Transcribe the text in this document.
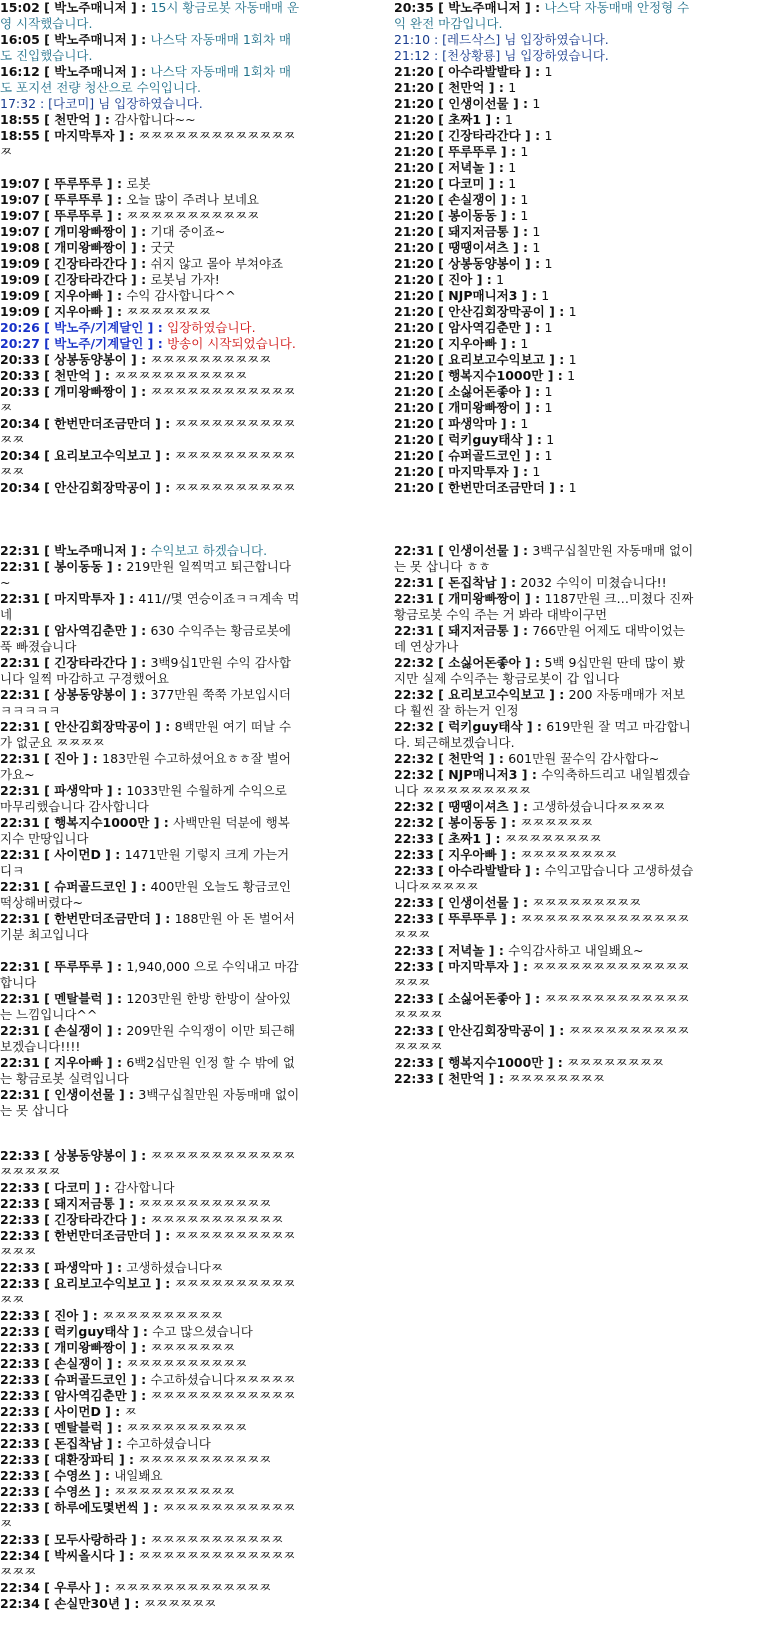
15:02 [ 박노주매니저 ] : 15시 황금로봇 자동매매 운영 시작했습니다.
16:05 [ 박노주매니저 ] : 나스닥 자동매매 1회차 매도 진입했습니다.
16:12 [ 박노주매니저 ] : 나스닥 자동매매 1회차 매도 포지션 전량 청산으로 수익입니다.
17:32 : [다코미] 님 입장하였습니다.
18:55 [ 천만억 ] : 감사합니다~~
18:55 [ 마지막투자 ] : ㅉㅉㅉㅉㅉㅉㅉㅉㅉㅉㅉㅉㅉㅉ
19:07 [ 뚜루뚜루 ] : 로봇
19:07 [ 뚜루뚜루 ] : 오늘 많이 주려나 보네요
19:07 [ 뚜루뚜루 ] : ㅉㅉㅉㅉㅉㅉㅉㅉㅉㅉㅉ
19:07 [ 개미왕빠짱이 ] : 기대 중이죠~
19:08 [ 개미왕빠짱이 ] : 굿굿
19:09 [ 긴장타라간다 ] : 쉬지 않고 몰아 부쳐야죠
19:09 [ 긴장타라간다 ] : 로봇님 가자!
19:09 [ 지우아빠 ] : 수익 감사합니다^^
19:09 [ 지우아빠 ] : ㅉㅉㅉㅉㅉㅉㅉ
20:26 [ 박노주/기계달인 ] : 입장하였습니다.
20:27 [ 박노주/기계달인 ] : 방송이 시작되었습니다.
20:33 [ 상봉동양봉이 ] : ㅉㅉㅉㅉㅉㅉㅉㅉㅉㅉ
20:33 [ 천만억 ] : ㅉㅉㅉㅉㅉㅉㅉㅉㅉㅉㅉ
20:33 [ 개미왕빠짱이 ] : ㅉㅉㅉㅉㅉㅉㅉㅉㅉㅉㅉㅉㅉ
20:34 [ 한번만더조금만더 ] : ㅉㅉㅉㅉㅉㅉㅉㅉㅉㅉㅉㅉ
20:34 [ 요리보고수익보고 ] : ㅉㅉㅉㅉㅉㅉㅉㅉㅉㅉㅉㅉ
20:34 [ 안산김회장막공이 ] : ㅉㅉㅉㅉㅉㅉㅉㅉㅉㅉ
20:35 [ 박노주매니저 ] : 나스닥 자동매매 안정형 수익 완전 마감입니다.
21:10 : [레드삭스] 님 입장하였습니다.
21:12 : [천상황룡] 님 입장하였습니다.
21:20 [ 아수라발발타 ] : 1
21:20 [ 천만억 ] : 1
21:20 [ 인생이선물 ] : 1
21:20 [ 초짜1 ] : 1
21:20 [ 긴장타라간다 ] : 1
21:20 [ 뚜루뚜루 ] : 1
21:20 [ 저녁놀 ] : 1
21:20 [ 다코미 ] : 1
21:20 [ 손실쟁이 ] : 1
21:20 [ 봉이동동 ] : 1
21:20 [ 돼지저금통 ] : 1
21:20 [ 땡땡이셔츠 ] : 1
21:20 [ 상봉동양봉이 ] : 1
21:20 [ 진아 ] : 1
21:20 [ NJP매니저3 ] : 1
21:20 [ 안산김회장막공이 ] : 1
21:20 [ 암사역김춘만 ] : 1
21:20 [ 지우아빠 ] : 1
21:20 [ 요리보고수익보고 ] : 1
21:20 [ 행복지수1000만 ] : 1
21:20 [ 소싫어돈좋아 ] : 1
21:20 [ 개미왕빠짱이 ] : 1
21:20 [ 파생악마 ] : 1
21:20 [ 럭키guy태삭 ] : 1
21:20 [ 슈퍼골드코인 ] : 1
21:20 [ 마지막투자 ] : 1
21:20 [ 한번만더조금만더 ] : 1
22:31 [ 박노주매니저 ] : 수익보고 하겠습니다.
22:31 [ 봉이동동 ] : 219만원 일찍먹고 퇴근합니다~
22:31 [ 마지막투자 ] : 411//몇 연승이죠ㅋㅋ계속 먹네
22:31 [ 암사역김춘만 ] : 630 수익주는 황금로봇에 푹 빠졌습니다
22:31 [ 긴장타라간다 ] : 3백9십1만원 수익 감사합니다 일찍 마감하고 구경했어요
22:31 [ 상봉동양봉이 ] : 377만원 쭉쭉 가보입시더 ㅋㅋㅋㅋㅋ
22:31 [ 안산김회장막공이 ] : 8백만원 여기 떠날 수가 없군요 ㅉㅉㅉㅉ
22:31 [ 진아 ] : 183만원 수고하셨어요ㅎㅎ잘 벌어가요~
22:31 [ 파생악마 ] : 1033만원 수월하게 수익으로 마무리했습니다 감사합니다
22:31 [ 행복지수1000만 ] : 사백만원 덕분에 행복지수 만땅입니다
22:31 [ 사이먼D ] : 1471만원 기렇지 크게 가는거디ㅋ
22:31 [ 슈퍼골드코인 ] : 400만원 오늘도 황금코인 떡상해버렸다~
22:31 [ 한번만더조금만더 ] : 188만원 아 돈 벌어서 기분 최고입니다
22:31 [ 뚜루뚜루 ] : 1,940,000 으로 수익내고 마감합니다
22:31 [ 멘탈블럭 ] : 1203만원 한방 한방이 살아있는 느낌입니다^^
22:31 [ 손실쟁이 ] : 209만원 수익쟁이 이만 퇴근해보겠습니다!!!!
22:31 [ 지우아빠 ] : 6백2십만원 인정 할 수 밖에 없는 황금로봇 실력입니다
22:31 [ 인생이선물 ] : 3백구십칠만원 자동매매 없이는 못 삽니다
22:31 [ 인생이선물 ] : 3백구십칠만원 자동매매 없이는 못 삽니다 ㅎㅎ
22:31 [ 돈집착남 ] : 2032 수익이 미쳤습니다!!
22:31 [ 개미왕빠짱이 ] : 1187만원 크…미쳤다 진짜 황금로봇 수익 주는 거 봐라 대박이구먼
22:31 [ 돼지저금통 ] : 766만원 어제도 대박이었는데 연상가나
22:32 [ 소싫어돈좋아 ] : 5백 9십만원 딴데 많이 봤지만 실제 수익주는 황금로봇이 갑 입니다
22:32 [ 요리보고수익보고 ] : 200 자동매매가 저보다 훨씬 잘 하는거 인정
22:32 [ 럭키guy태삭 ] : 619만원 잘 먹고 마감합니다. 퇴근해보겠습니다.
22:32 [ 천만억 ] : 601만원 꿀수익 감사합다~
22:32 [ NJP매니저3 ] : 수익축하드리고 내일뵙겠습니다 ㅉㅉㅉㅉㅉㅉㅉㅉㅉ
22:32 [ 땡땡이셔츠 ] : 고생하셨습니다ㅉㅉㅉㅉ
22:32 [ 봉이동동 ] : ㅉㅉㅉㅉㅉㅉ
22:33 [ 초짜1 ] : ㅉㅉㅉㅉㅉㅉㅉㅉ
22:33 [ 지우아빠 ] : ㅉㅉㅉㅉㅉㅉㅉㅉ
22:33 [ 아수라발발타 ] : 수익고맙습니다 고생하셨습니다ㅉㅉㅉㅉㅉ
22:33 [ 인생이선물 ] : ㅉㅉㅉㅉㅉㅉㅉㅉㅉ
22:33 [ 뚜루뚜루 ] : ㅉㅉㅉㅉㅉㅉㅉㅉㅉㅉㅉㅉㅉㅉㅉㅉㅉ
22:33 [ 저녁놀 ] : 수익감사하고 내일봬요~
22:33 [ 마지막투자 ] : ㅉㅉㅉㅉㅉㅉㅉㅉㅉㅉㅉㅉㅉㅉㅉㅉ
22:33 [ 소싫어돈좋아 ] : ㅉㅉㅉㅉㅉㅉㅉㅉㅉㅉㅉㅉㅉㅉㅉㅉ
22:33 [ 안산김회장막공이 ] : ㅉㅉㅉㅉㅉㅉㅉㅉㅉㅉㅉㅉㅉㅉ
22:33 [ 행복지수1000만 ] : ㅉㅉㅉㅉㅉㅉㅉㅉ
22:33 [ 천만억 ] : ㅉㅉㅉㅉㅉㅉㅉㅉ
22:33 [ 상봉동양봉이 ] : ㅉㅉㅉㅉㅉㅉㅉㅉㅉㅉㅉㅉㅉㅉㅉㅉㅉ
22:33 [ 다코미 ] : 감사합니다
22:33 [ 돼지저금통 ] : ㅉㅉㅉㅉㅉㅉㅉㅉㅉㅉㅉ
22:33 [ 긴장타라간다 ] : ㅉㅉㅉㅉㅉㅉㅉㅉㅉㅉㅉ
22:33 [ 한번만더조금만더 ] : ㅉㅉㅉㅉㅉㅉㅉㅉㅉㅉㅉㅉㅉ
22:33 [ 파생악마 ] : 고생하셨습니다ㅉ
22:33 [ 요리보고수익보고 ] : ㅉㅉㅉㅉㅉㅉㅉㅉㅉㅉㅉㅉ
22:33 [ 진아 ] : ㅉㅉㅉㅉㅉㅉㅉㅉㅉㅉ
22:33 [ 럭키guy태삭 ] : 수고 많으셨습니다
22:33 [ 개미왕빠짱이 ] : ㅉㅉㅉㅉㅉㅉㅉ
22:33 [ 손실쟁이 ] : ㅉㅉㅉㅉㅉㅉㅉㅉㅉㅉ
22:33 [ 슈퍼골드코인 ] : 수고하셨습니다ㅉㅉㅉㅉㅉ
22:33 [ 암사역김춘만 ] : ㅉㅉㅉㅉㅉㅉㅉㅉㅉㅉㅉㅉ
22:33 [ 사이먼D ] : ㅉ
22:33 [ 멘탈블럭 ] : ㅉㅉㅉㅉㅉㅉㅉㅉㅉㅉ
22:33 [ 돈집착남 ] : 수고하셨습니다
22:33 [ 대환장파티 ] : ㅉㅉㅉㅉㅉㅉㅉㅉㅉㅉㅉ
22:33 [ 수영쓰 ] : 내일봬요
22:33 [ 수영쓰 ] : ㅉㅉㅉㅉㅉㅉㅉㅉㅉㅉ
22:33 [ 하루에도몇번씩 ] : ㅉㅉㅉㅉㅉㅉㅉㅉㅉㅉㅉㅉ
22:33 [ 모두사랑하라 ] : ㅉㅉㅉㅉㅉㅉㅉㅉㅉㅉㅉ
22:34 [ 박씨올시다 ] : ㅉㅉㅉㅉㅉㅉㅉㅉㅉㅉㅉㅉㅉㅉㅉㅉ
22:34 [ 우루사 ] : ㅉㅉㅉㅉㅉㅉㅉㅉㅉㅉㅉㅉㅉ
22:34 [ 손실만30년 ] : ㅉㅉㅉㅉㅉㅉ
